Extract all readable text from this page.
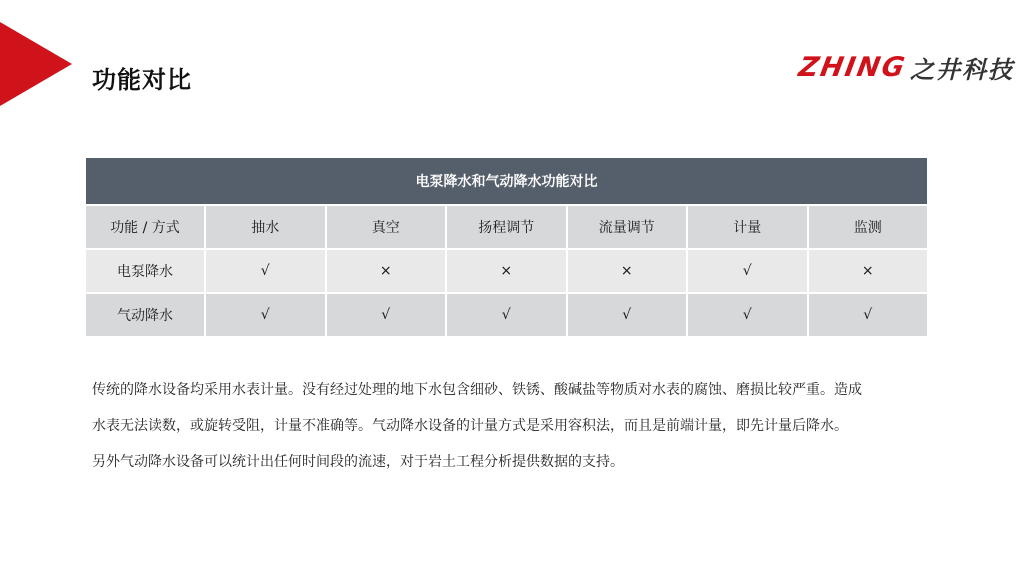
功能对比	ZHING 之井科技
电泵降水和气动降水功能对比						
功能 / 方式	抽水	真空	扬程调节	流量调节	计量	监测
电泵降水	√	×	×	×	√	×
气动降水	√	√	√	√	√	√

传统的降水设备均采用水表计量。没有经过处理的地下水包含细砂、铁锈、酸碱盐等物质对水表的腐蚀、磨损比较严重。造成

水表无法读数，或旋转受阻，计量不准确等。气动降水设备的计量方式是采用容积法，而且是前端计量，即先计量后降水。

另外气动降水设备可以统计出任何时间段的流速，对于岩土工程分析提供数据的支持。
